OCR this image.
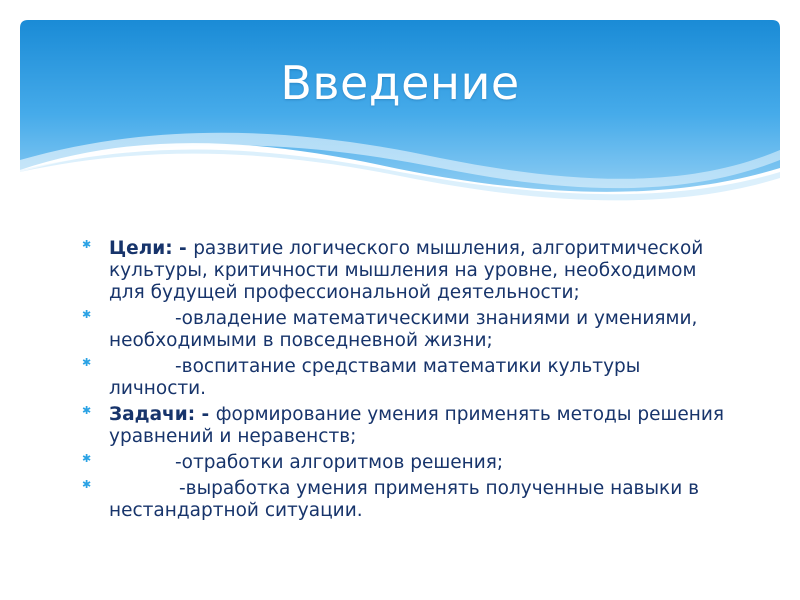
Введение
✱ Цели: - развитие логического мышления, алгоритмической культуры, критичности мышления на уровне, необходимом для будущей профессиональной деятельности;
✱	-овладение математическими знаниями и умениями, необходимыми в повседневной жизни;
✱	-воспитание средствами математики культуры личности.
✱ Задачи: - формирование умения применять методы решения уравнений и неравенств;
✱	-отработки алгоритмов решения;
✱	-выработка умения применять полученные навыки в нестандартной ситуации.
